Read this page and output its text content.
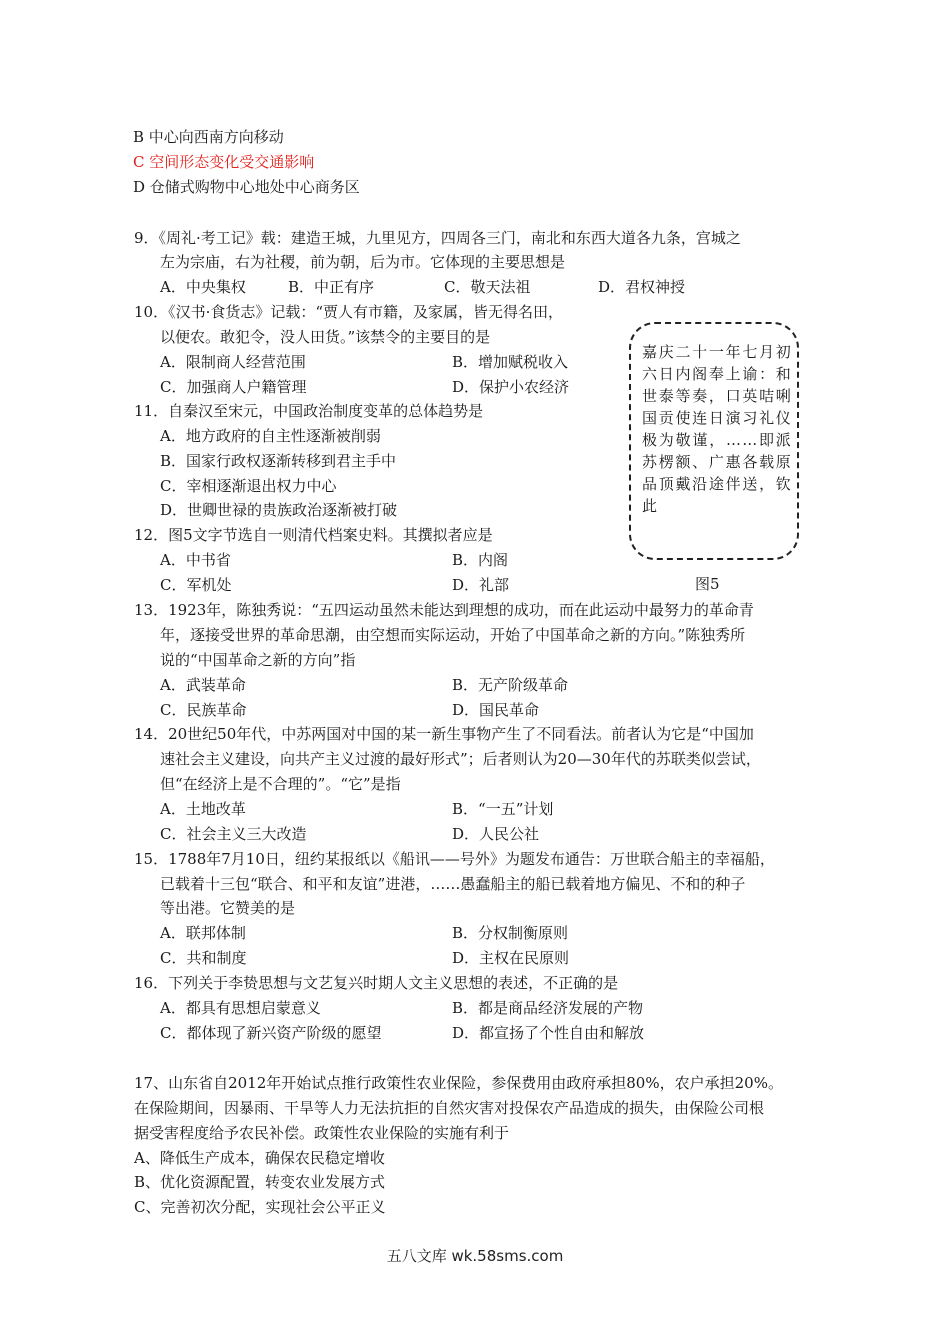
B 中心向西南方向移动
C 空间形态变化受交通影响
D 仓储式购物中心地处中心商务区
9．《周礼·考工记》载：建造王城，九里见方，四周各三门，南北和东西大道各九条，宫城之
左为宗庙，右为社稷，前为朝，后为市。它体现的主要思想是
A．中央集权	B．中正有序	C．敬天法祖	D．君权神授
10．《汉书·食货志》记载：“贾人有市籍，及家属，皆无得名田，
以便农。敢犯令，没人田货。”该禁令的主要目的是
A．限制商人经营范围	B．增加赋税收入
C．加强商人户籍管理	D．保护小农经济
11．自秦汉至宋元，中国政治制度变革的总体趋势是
A．地方政府的自主性逐渐被削弱
B．国家行政权逐渐转移到君主手中
C．宰相逐渐退出权力中心
D．世卿世禄的贵族政治逐渐被打破
12．图5文字节选自一则清代档案史料。其撰拟者应是
A．中书省	B．内阁
C．军机处	D．礼部
嘉庆二十一年七月初六日内阁奉上谕：和世泰等奏，口英咭唎国贡使连日演习礼仪极为敬谨，……即派苏楞额、广惠各载原品顶戴沿途伴送，钦此
图5
13．1923年，陈独秀说：“五四运动虽然未能达到理想的成功，而在此运动中最努力的革命青
年，逐接受世界的革命思潮，由空想而实际运动，开始了中国革命之新的方向。”陈独秀所
说的“中国革命之新的方向”指
A．武装革命	B．无产阶级革命
C．民族革命	D．国民革命
14．20世纪50年代，中苏两国对中国的某一新生事物产生了不同看法。前者认为它是“中国加
速社会主义建设，向共产主义过渡的最好形式”；后者则认为20—30年代的苏联类似尝试，
但“在经济上是不合理的”。“它”是指
A．土地改革	B．“一五”计划
C．社会主义三大改造	D．人民公社
15．1788年7月10日，纽约某报纸以《船讯——号外》为题发布通告：万世联合船主的幸福船，
已载着十三包“联合、和平和友谊”进港，……愚蠢船主的船已载着地方偏见、不和的种子
等出港。它赞美的是
A．联邦体制	B．分权制衡原则
C．共和制度	D．主权在民原则
16．下列关于李贽思想与文艺复兴时期人文主义思想的表述，不正确的是
A．都具有思想启蒙意义	B．都是商品经济发展的产物
C．都体现了新兴资产阶级的愿望	D．都宣扬了个性自由和解放
17、山东省自2012年开始试点推行政策性农业保险，参保费用由政府承担80%，农户承担20%。
在保险期间，因暴雨、干旱等人力无法抗拒的自然灾害对投保农产品造成的损失，由保险公司根
据受害程度给予农民补偿。政策性农业保险的实施有利于
A、降低生产成本，确保农民稳定增收
B、优化资源配置，转变农业发展方式
C、完善初次分配，实现社会公平正义
五八文库 wk.58sms.com
